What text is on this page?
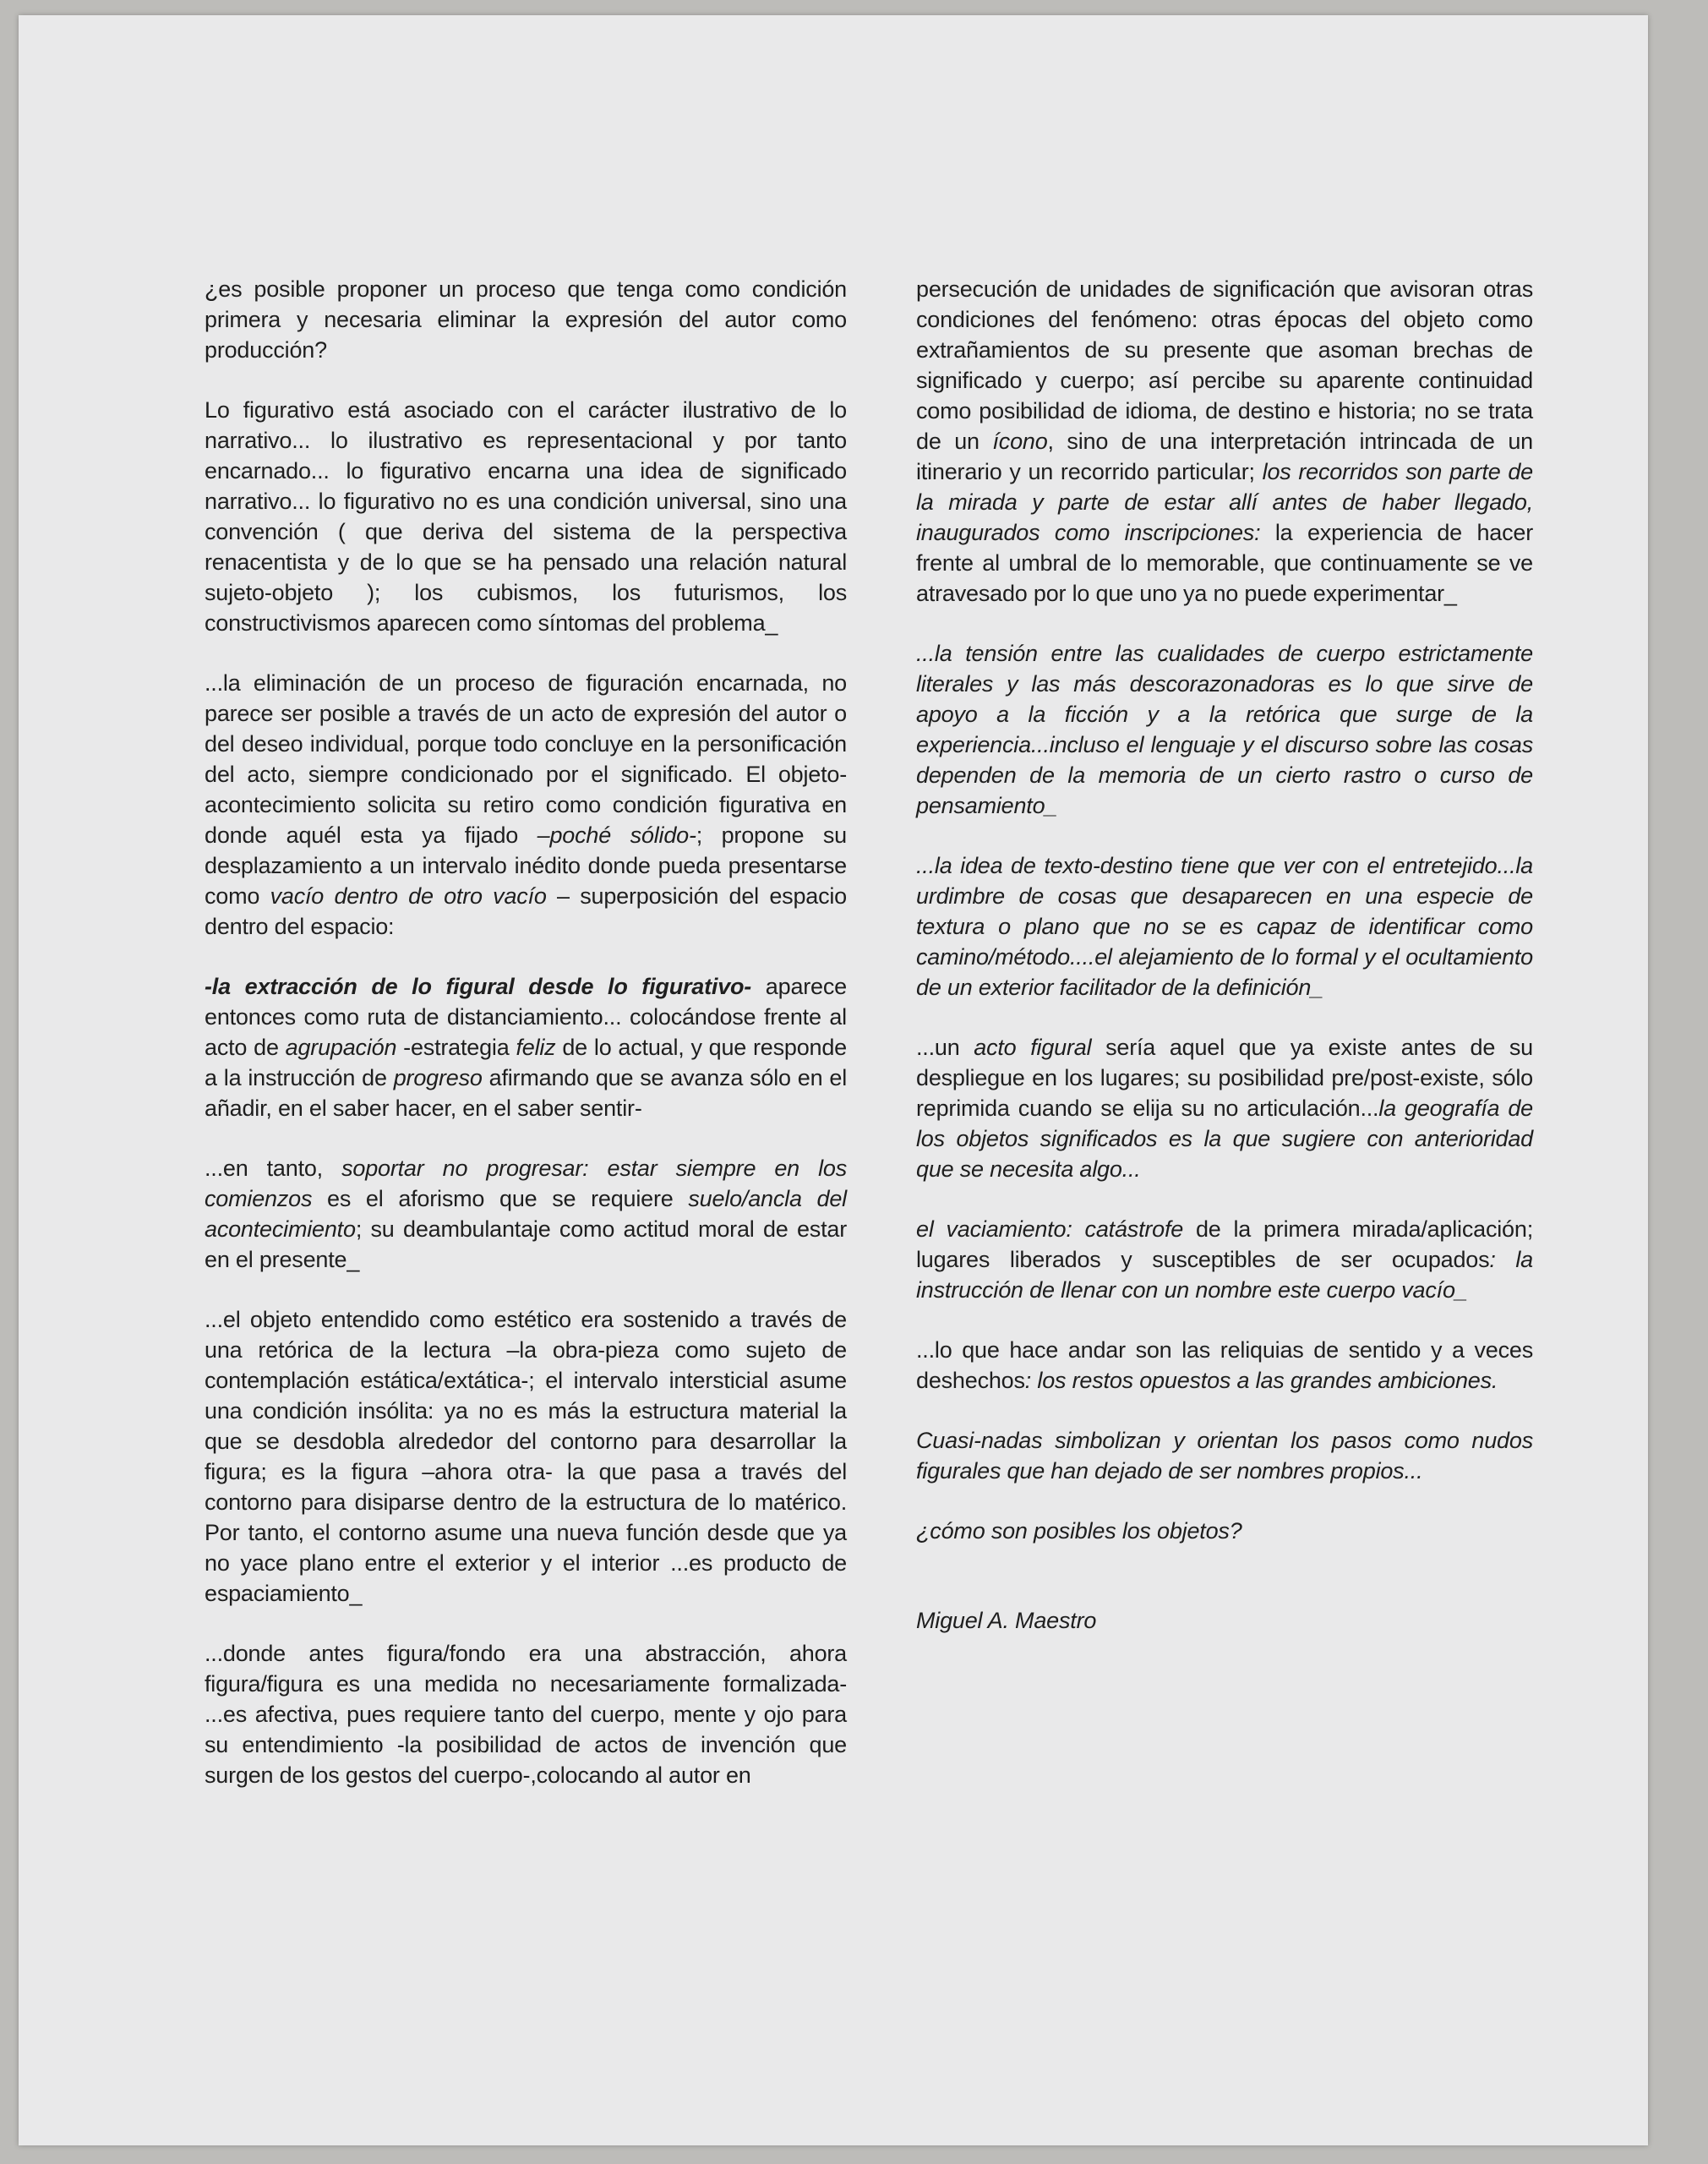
¿es posible proponer un proceso que tenga como condición primera y necesaria eliminar la expresión del autor como producción?

Lo figurativo está asociado con el carácter ilustrativo de lo narrativo... lo ilustrativo es representacional y por tanto encarnado... lo figurativo encarna una idea de significado narrativo... lo figurativo no es una condición universal, sino una convención ( que deriva del sistema de la perspectiva renacentista y de lo que se ha pensado una relación natural sujeto-objeto ); los cubismos, los futurismos, los constructivismos aparecen como síntomas del problema_

...la eliminación de un proceso de figuración encarnada, no parece ser posible a través de un acto de expresión del autor o del deseo individual, porque todo concluye en la personificación del acto, siempre condicionado por el significado. El objeto-acontecimiento solicita su retiro como condición figurativa en donde aquél esta ya fijado –poché sólido-; propone su desplazamiento a un intervalo inédito donde pueda presentarse como vacío dentro de otro vacío – superposición del espacio dentro del espacio:

-la extracción de lo figural desde lo figurativo- aparece entonces como ruta de distanciamiento... colocándose frente al acto de agrupación -estrategia feliz de lo actual, y que responde a la instrucción de progreso afirmando que se avanza sólo en el añadir, en el saber hacer, en el saber sentir-

...en tanto, soportar no progresar: estar siempre en los comienzos es el aforismo que se requiere suelo/ancla del acontecimiento; su deambulantaje como actitud moral de estar en el presente_

...el objeto entendido como estético era sostenido a través de una retórica de la lectura –la obra-pieza como sujeto de contemplación estática/extática-; el intervalo intersticial asume una condición insólita: ya no es más la estructura material la que se desdobla alrededor del contorno para desarrollar la figura; es la figura –ahora otra- la que pasa a través del contorno para disiparse dentro de la estructura de lo matérico. Por tanto, el contorno asume una nueva función desde que ya no yace plano entre el exterior y el interior ...es producto de espaciamiento_

...donde antes figura/fondo era una abstracción, ahora figura/figura es una medida no necesariamente formalizada- ...es afectiva, pues requiere tanto del cuerpo, mente y ojo para su entendimiento -la posibilidad de actos de invención que surgen de los gestos del cuerpo-,colocando al autor en

persecución de unidades de significación que avisoran otras condiciones del fenómeno: otras épocas del objeto como extrañamientos de su presente que asoman brechas de significado y cuerpo; así percibe su aparente continuidad como posibilidad de idioma, de destino e historia; no se trata de un ícono, sino de una interpretación intrincada de un itinerario y un recorrido particular; los recorridos son parte de la mirada y parte de estar allí antes de haber llegado, inaugurados como inscripciones: la experiencia de hacer frente al umbral de lo memorable, que continuamente se ve atravesado por lo que uno ya no puede experimentar_

...la tensión entre las cualidades de cuerpo estrictamente literales y las más descorazonadoras es lo que sirve de apoyo a la ficción y a la retórica que surge de la experiencia...incluso el lenguaje y el discurso sobre las cosas dependen de la memoria de un cierto rastro o curso de pensamiento_

...la idea de texto-destino tiene que ver con el entretejido...la urdimbre de cosas que desaparecen en una especie de textura o plano que no se es capaz de identificar como camino/método....el alejamiento de lo formal y el ocultamiento de un exterior facilitador de la definición_

...un acto figural sería aquel que ya existe antes de su despliegue en los lugares; su posibilidad pre/post-existe, sólo reprimida cuando se elija su no articulación...la geografía de los objetos significados es la que sugiere con anterioridad que se necesita algo...

el vaciamiento: catástrofe de la primera mirada/aplicación; lugares liberados y susceptibles de ser ocupados: la instrucción de llenar con un nombre este cuerpo vacío_

...lo que hace andar son las reliquias de sentido y a veces deshechos: los restos opuestos a las grandes ambiciones.

Cuasi-nadas simbolizan y orientan los pasos como nudos figurales que han dejado de ser nombres propios...

¿cómo son posibles los objetos?

Miguel A. Maestro
